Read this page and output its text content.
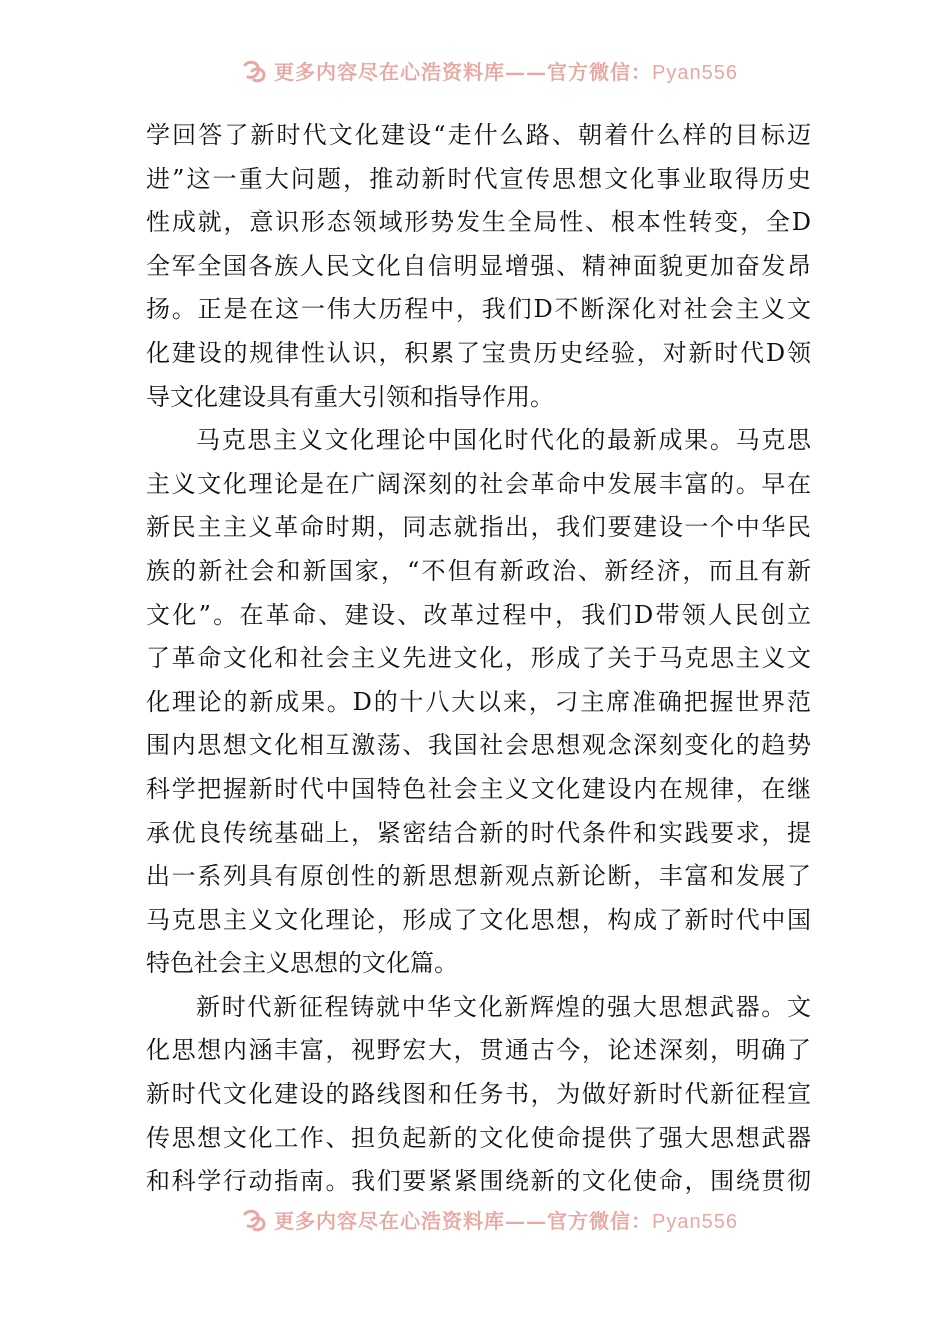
更多内容尽在心浩资料库——官方微信：Pyan556
学回答了新时代文化建设“走什么路、朝着什么样的目标迈
进”这一重大问题，推动新时代宣传思想文化事业取得历史
性成就，意识形态领域形势发生全局性、根本性转变，全D
全军全国各族人民文化自信明显增强、精神面貌更加奋发昂
扬。正是在这一伟大历程中，我们D不断深化对社会主义文
化建设的规律性认识，积累了宝贵历史经验，对新时代D领
导文化建设具有重大引领和指导作用。
马克思主义文化理论中国化时代化的最新成果。马克思
主义文化理论是在广阔深刻的社会革命中发展丰富的。早在
新民主主义革命时期，同志就指出，我们要建设一个中华民
族的新社会和新国家，“不但有新政治、新经济，而且有新
文化”。在革命、建设、改革过程中，我们D带领人民创立
了革命文化和社会主义先进文化，形成了关于马克思主义文
化理论的新成果。D的十八大以来，刁主席准确把握世界范
围内思想文化相互激荡、我国社会思想观念深刻变化的趋势
科学把握新时代中国特色社会主义文化建设内在规律，在继
承优良传统基础上，紧密结合新的时代条件和实践要求，提
出一系列具有原创性的新思想新观点新论断，丰富和发展了
马克思主义文化理论，形成了文化思想，构成了新时代中国
特色社会主义思想的文化篇。
新时代新征程铸就中华文化新辉煌的强大思想武器。文
化思想内涵丰富，视野宏大，贯通古今，论述深刻，明确了
新时代文化建设的路线图和任务书，为做好新时代新征程宣
传思想文化工作、担负起新的文化使命提供了强大思想武器
和科学行动指南。我们要紧紧围绕新的文化使命，围绕贯彻
更多内容尽在心浩资料库——官方微信：Pyan556
